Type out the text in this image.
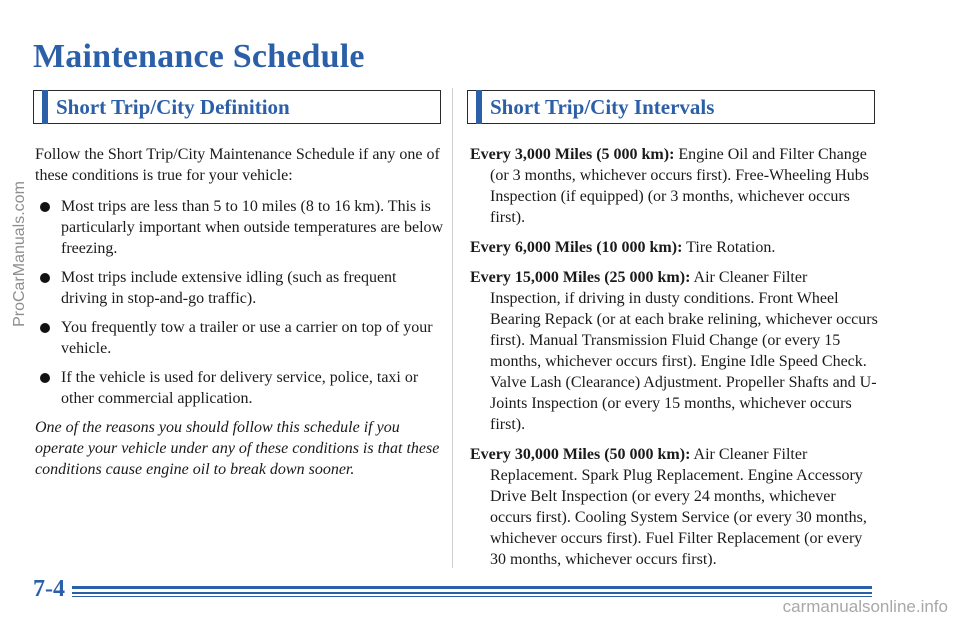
Maintenance Schedule
Short Trip/City Definition	Short Trip/City Intervals

Follow the Short Trip/City Maintenance Schedule if any one of these conditions is true for your vehicle:

Most trips are less than 5 to 10 miles (8 to 16 km). This is particularly important when outside temperatures are below freezing.
Most trips include extensive idling (such as frequent driving in stop-and-go traffic).
You frequently tow a trailer or use a carrier on top of your vehicle.
If the vehicle is used for delivery service, police, taxi or other commercial application.

One of the reasons you should follow this schedule if you operate your vehicle under any of these conditions is that these conditions cause engine oil to break down sooner.

Every 3,000 Miles (5 000 km): Engine Oil and Filter Change (or 3 months, whichever occurs first). Free-Wheeling Hubs Inspection (if equipped) (or 3 months, whichever occurs first).
Every 6,000 Miles (10 000 km): Tire Rotation.
Every 15,000 Miles (25 000 km): Air Cleaner Filter Inspection, if driving in dusty conditions. Front Wheel Bearing Repack (or at each brake relining, whichever occurs first). Manual Transmission Fluid Change (or every 15 months, whichever occurs first). Engine Idle Speed Check. Valve Lash (Clearance) Adjustment. Propeller Shafts and U-Joints Inspection (or every 15 months, whichever occurs first).
Every 30,000 Miles (50 000 km): Air Cleaner Filter Replacement. Spark Plug Replacement. Engine Accessory Drive Belt Inspection (or every 24 months, whichever occurs first). Cooling System Service (or every 30 months, whichever occurs first). Fuel Filter Replacement (or every 30 months, whichever occurs first).
7-4
ProCarManuals.com
carmanualsonline.info
